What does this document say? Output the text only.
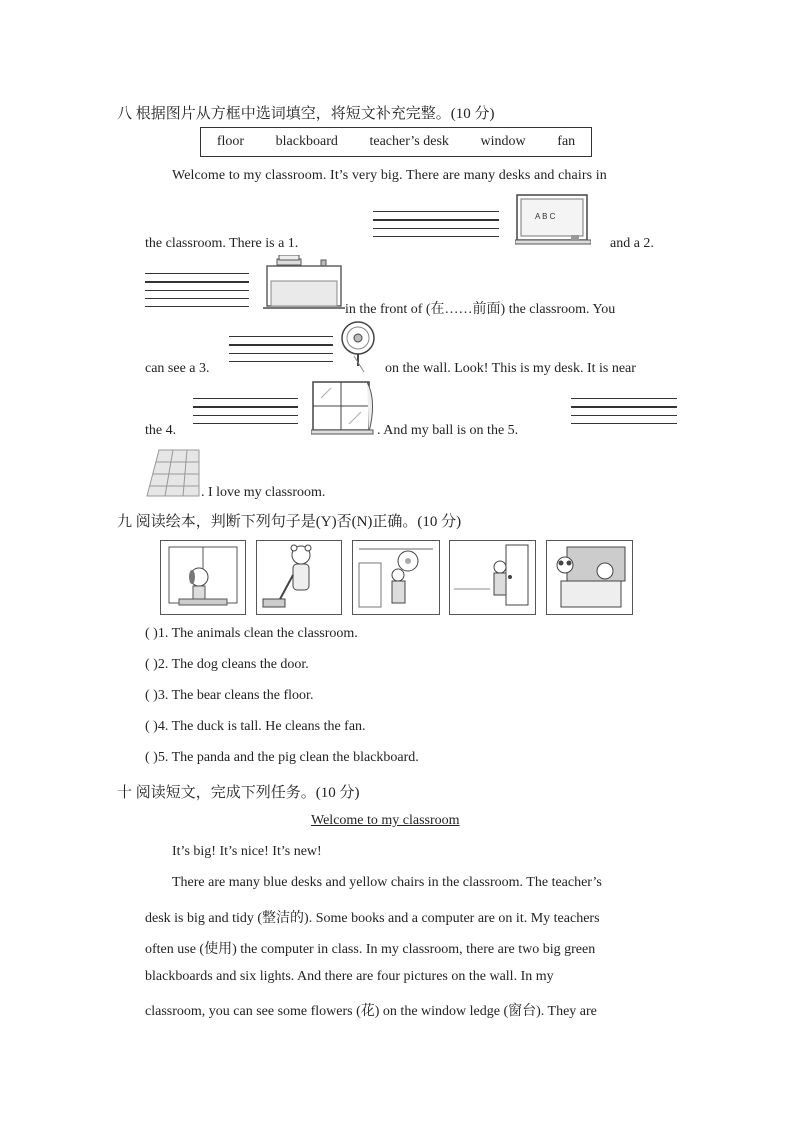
八 根据图片从方框中选词填空，将短文补充完整。(10 分)
floor blackboard teacher’s desk window fan
Welcome to my classroom. It’s very big. There are many desks and chairs in
the classroom. There is a 1.
A B C
and a 2.
in the front of (在……前面) the classroom. You
can see a 3.	on the wall. Look! This is my desk. It is near
the 4.	. And my ball is on the 5.
. I love my classroom.
九 阅读绘本，判断下列句子是(Y)否(N)正确。(10 分)
( )1. The animals clean the classroom.
( )2. The dog cleans the door.
( )3. The bear cleans the floor.
( )4. The duck is tall. He cleans the fan.
( )5. The panda and the pig clean the blackboard.
十 阅读短文，完成下列任务。(10 分)
Welcome to my classroom
It’s big! It’s nice! It’s new!
There are many blue desks and yellow chairs in the classroom. The teacher’s
desk is big and tidy (整洁的). Some books and a computer are on it. My teachers
often use (使用) the computer in class. In my classroom, there are two big green
blackboards and six lights. And there are four pictures on the wall. In my
classroom, you can see some flowers (花) on the window ledge (窗台). They are
